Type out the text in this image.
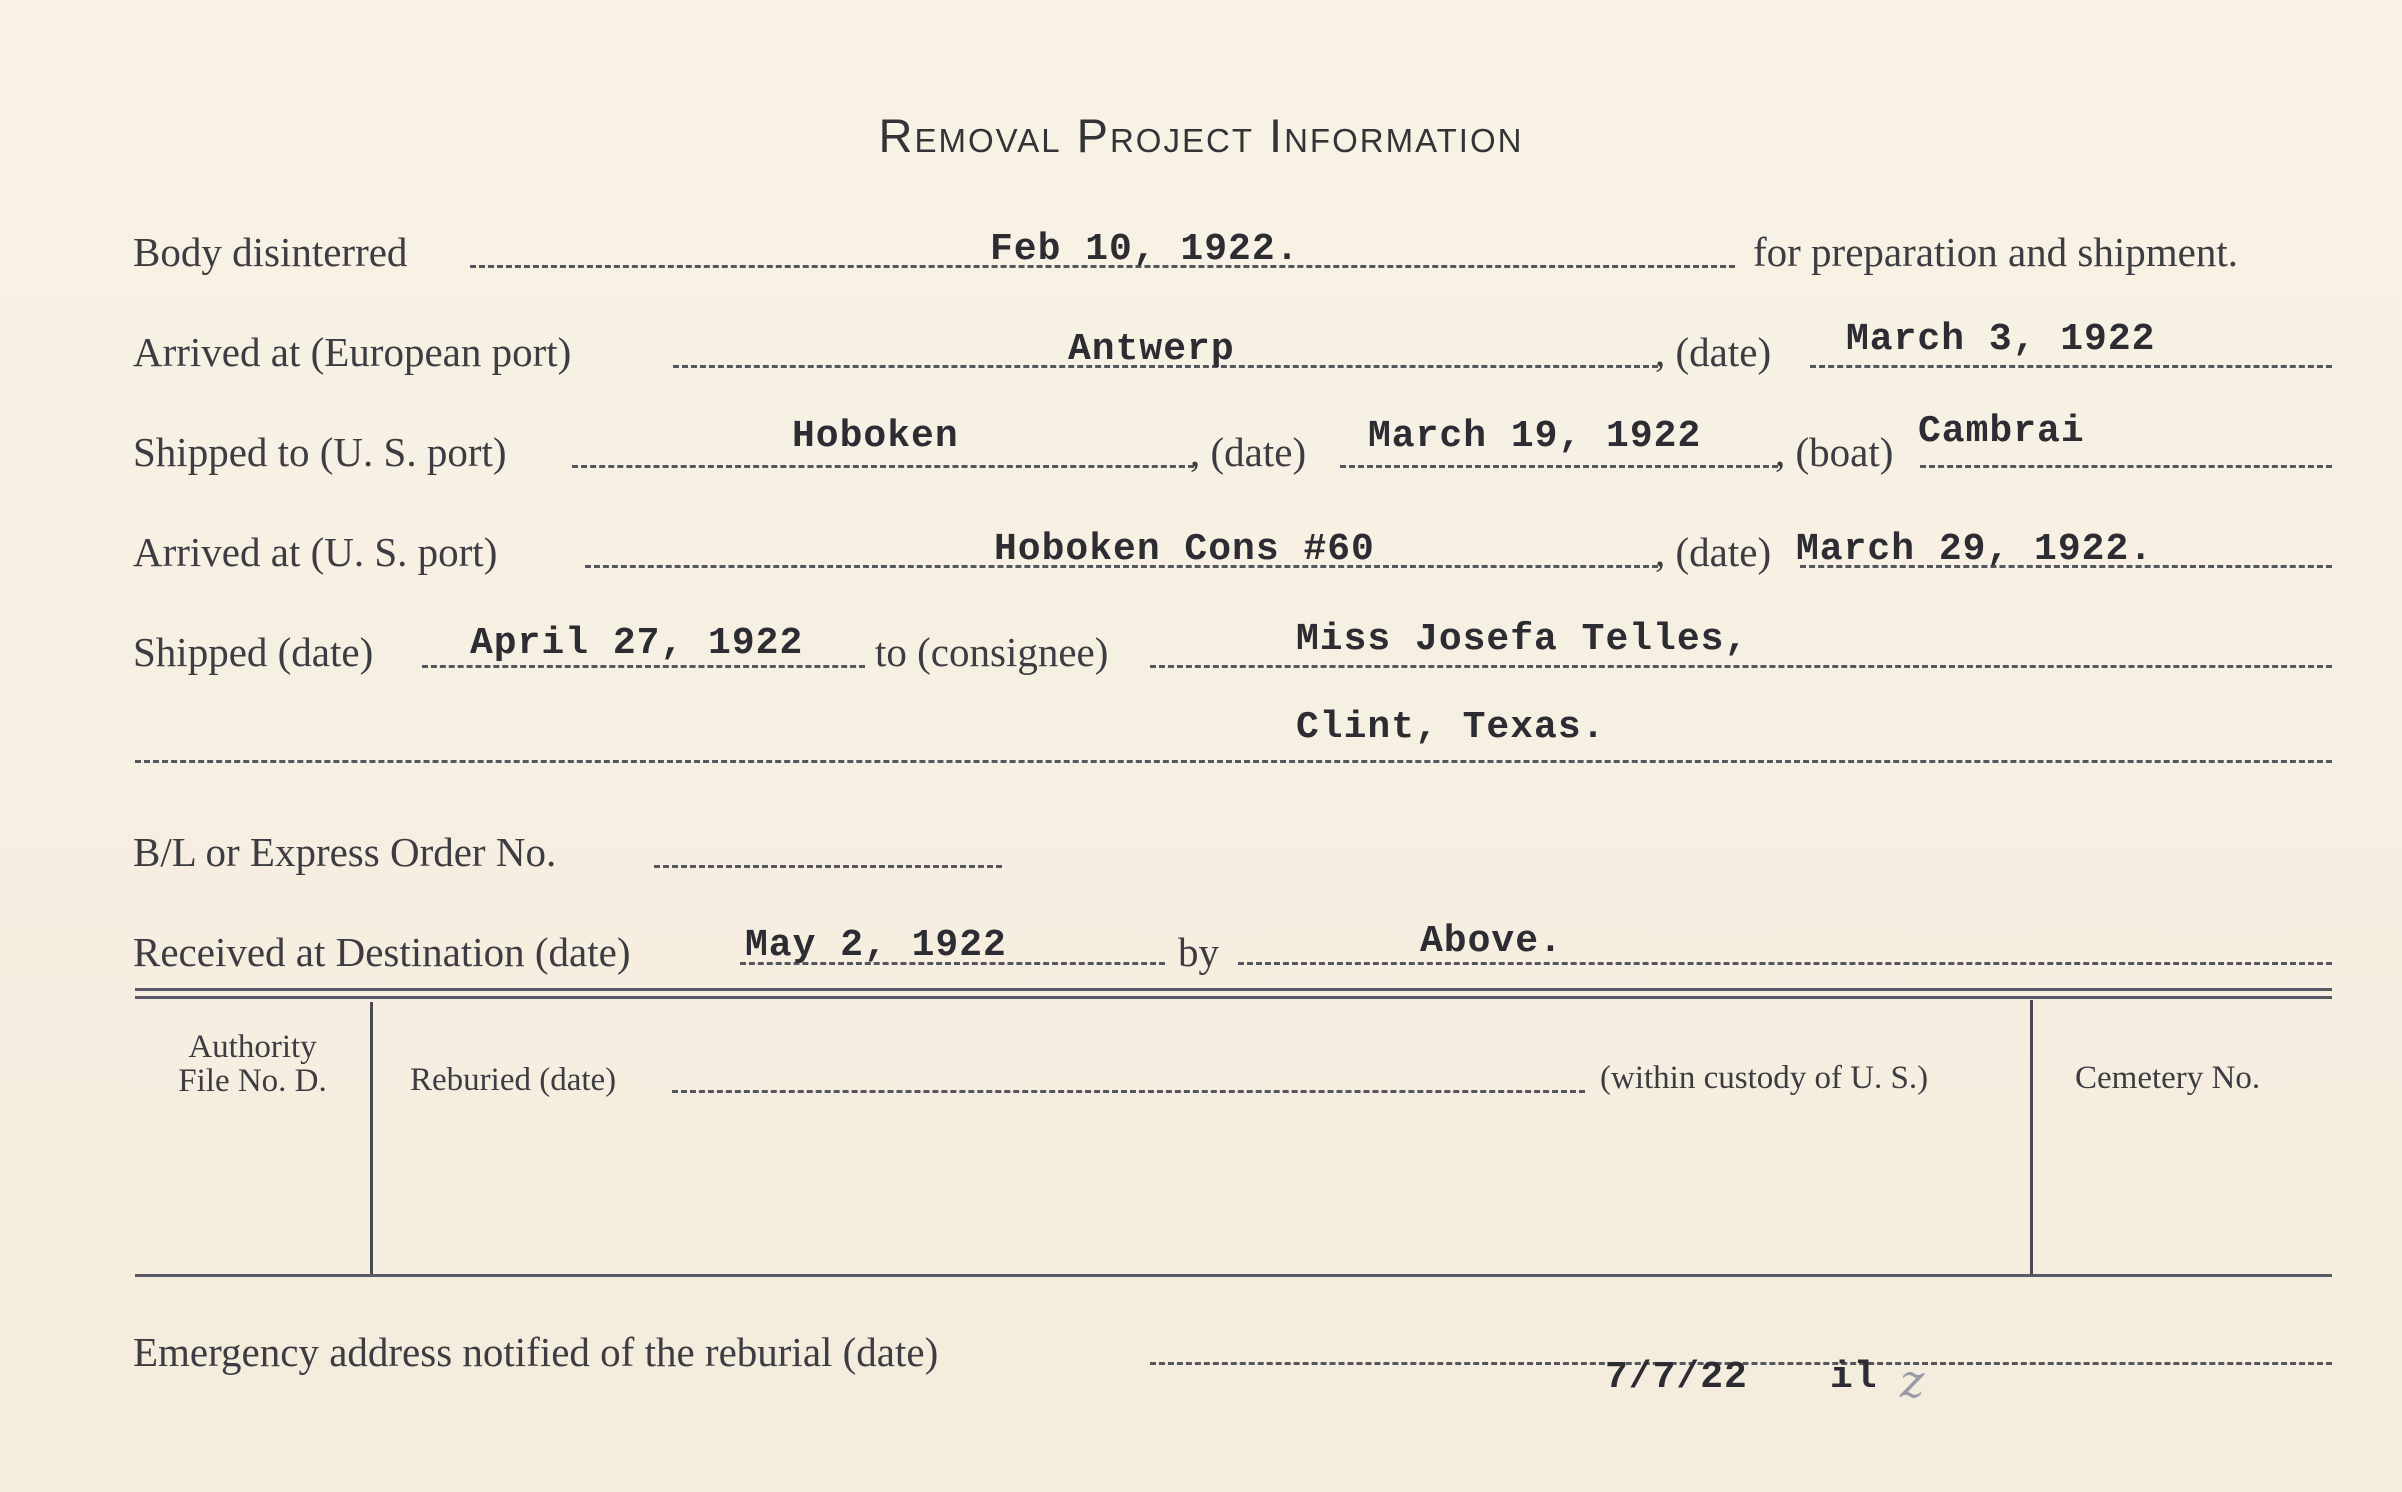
Removal Project Information
Body disinterred	Feb 10, 1922.	for preparation and shipment.
Arrived at (European port)	Antwerp	, (date) March 3, 1922
Shipped to (U. S. port)	Hoboken	, (date) March 19, 1922 , (boat) Cambrai
Arrived at (U. S. port)	Hoboken Cons #60	, (date) March 29, 1922.
Shipped (date)	April 27, 1922 to (consignee)	Miss Josefa Telles,
Clint, Texas.
B/L or Express Order No.
Received at Destination (date)	May 2, 1922	by	Above.
Authority
File No. D.	Reburied (date)	(within custody of U. S.)	Cemetery No.
Emergency address notified of the reburial (date)
7/7/22 il z
